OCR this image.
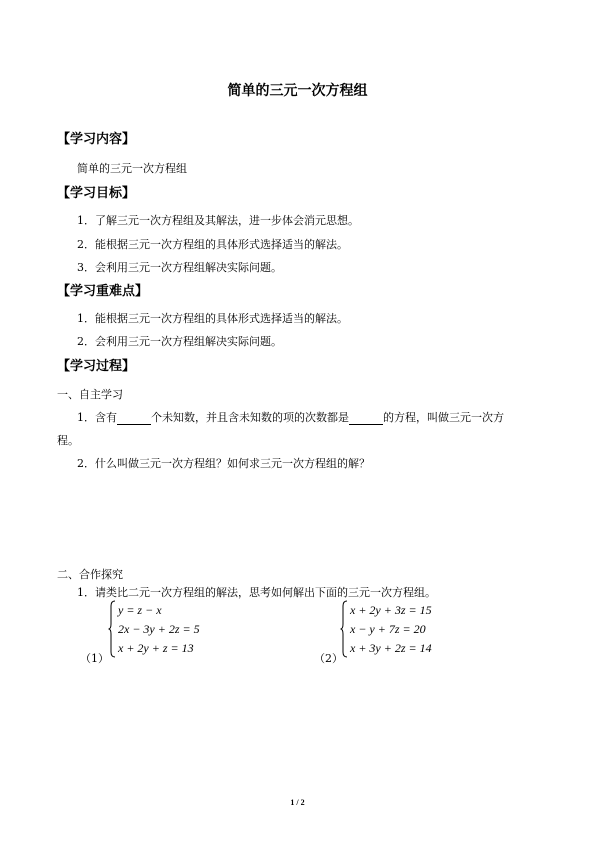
简单的三元一次方程组
【学习内容】
简单的三元一次方程组
【学习目标】
1．了解三元一次方程组及其解法，进一步体会消元思想。
2．能根据三元一次方程组的具体形式选择适当的解法。
3．会利用三元一次方程组解决实际问题。
【学习重难点】
1．能根据三元一次方程组的具体形式选择适当的解法。
2．会利用三元一次方程组解决实际问题。
【学习过程】
一、自主学习
1．含有	个未知数，并且含未知数的项的次数都是	的方程，叫做三元一次方
程。
2．什么叫做三元一次方程组？如何求三元一次方程组的解？
二、合作探究
1．请类比二元一次方程组的解法，思考如何解出下面的三元一次方程组。
（1）
y = z − x
2x − 3y + 2z = 5
x + 2y + z = 13
（2）
x + 2y + 3z = 15
x − y + 7z = 20
x + 3y + 2z = 14
1 / 2
